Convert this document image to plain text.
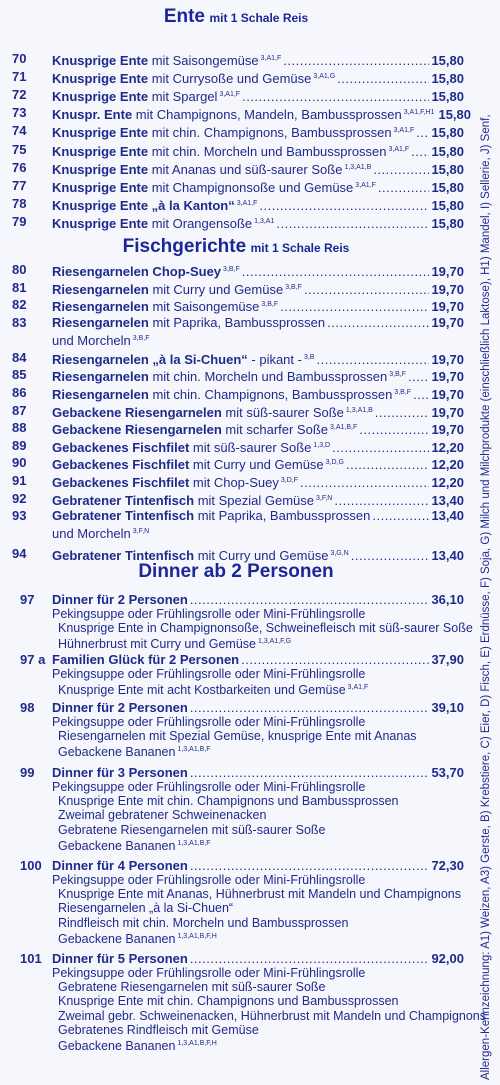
Ente mit 1 Schale Reis
70 Knusprige Ente mit Saisongemüse $^{3,A1,F}$ .....	15,80
71 Knusprige Ente mit Currysoße und Gemüse $^{3,A1,G}$ .....	15,80
72 Knusprige Ente mit Spargel $^{3,A1,F}$ .....	15,80
73 Knuspr. Ente mit Champignons, Mandeln, Bambussprossen $^{3,A1,F,H1}$ 15,80
74 Knusprige Ente mit chin. Champignons, Bambussprossen $^{3,A1,F}$ ..... 15,80
75 Knusprige Ente mit chin. Morcheln und Bambussprossen $^{3,A1,F}$ ..... 15,80
76 Knusprige Ente mit Ananas und süß-saurer Soße $^{1,3,A1,B}$ .....	15,80
77 Knusprige Ente mit Champignonsoße und Gemüse $^{3,A1,F}$ .....	15,80
78 Knusprige Ente „à la Kanton“ $^{3,A1,F}$ .....	15,80
79 Knusprige Ente mit Orangensoße $^{1,3,A1}$ .....	15,80
Fischgerichte mit 1 Schale Reis
80 Riesengarnelen Chop-Suey $^{3,B,F}$ .....	19,70
81 Riesengarnelen mit Curry und Gemüse $^{3,B,F}$ .....	19,70
82 Riesengarnelen mit Saisongemüse $^{3,B,F}$ .....	19,70
83 Riesengarnelen mit Paprika, Bambussprossen .....	19,70
und Morcheln $^{3,B,F}$
84 Riesengarnelen „à la Si-Chuen“ - pikant - $^{3,B}$ .....	19,70
85 Riesengarnelen mit chin. Morcheln und Bambussprossen $^{3,B,F}$ ..... 19,70
86 Riesengarnelen mit chin. Champignons, Bambussprossen $^{3,B,F}$ ..... 19,70
87 Gebackene Riesengarnelen mit süß-saurer Soße $^{1,3,A1,B}$ .....	19,70
88 Gebackene Riesengarnelen mit scharfer Soße $^{3,A1,B,F}$ .....	19,70
89 Gebackenes Fischfilet mit süß-saurer Soße $^{1,3,D}$ .....	12,20
90 Gebackenes Fischfilet mit Curry und Gemüse $^{3,D,G}$ .....	12,20
91 Gebackenes Fischfilet mit Chop-Suey $^{3,D,F}$ .....	12,20
92 Gebratener Tintenfisch mit Spezial Gemüse $^{3,F,N}$ .....	13,40
93 Gebratener Tintenfisch mit Paprika, Bambussprossen .....	13,40
und Morcheln $^{3,F,N}$
94 Gebratener Tintenfisch mit Curry und Gemüse $^{3,G,N}$ .....	13,40
Dinner ab 2 Personen
97 Dinner für 2 Personen .....	36,10
Pekingsuppe oder Frühlingsrolle oder Mini-Frühlingsrolle
Knusprige Ente in Champignonsoße, Schweinefleisch mit süß-saurer Soße
Hühnerbrust mit Curry und Gemüse $^{1,3,A1,F,G}$
97 a Familien Glück für 2 Personen .....	37,90
Pekingsuppe oder Frühlingsrolle oder Mini-Frühlingsrolle
Knusprige Ente mit acht Kostbarkeiten und Gemüse $^{3,A1,F}$
98 Dinner für 2 Personen .....	39,10
Pekingsuppe oder Frühlingsrolle oder Mini-Frühlingsrolle
Riesengarnelen mit Spezial Gemüse, knusprige Ente mit Ananas
Gebackene Bananen $^{1,3,A1,B,F}$
99 Dinner für 3 Personen .....	53,70
Pekingsuppe oder Frühlingsrolle oder Mini-Frühlingsrolle
Knusprige Ente mit chin. Champignons und Bambussprossen
Zweimal gebratener Schweinenacken
Gebratene Riesengarnelen mit süß-saurer Soße
Gebackene Bananen $^{1,3,A1,B,F}$
100 Dinner für 4 Personen .....	72,30
Pekingsuppe oder Frühlingsrolle oder Mini-Frühlingsrolle
Knusprige Ente mit Ananas, Hühnerbrust mit Mandeln und Champignons
Riesengarnelen „à la Si-Chuen“
Rindfleisch mit chin. Morcheln und Bambussprossen
Gebackene Bananen $^{1,3,A1,B,F,H}$
101 Dinner für 5 Personen .....	92,00
Pekingsuppe oder Frühlingsrolle oder Mini-Frühlingsrolle
Gebratene Riesengarnelen mit süß-saurer Soße
Knusprige Ente mit chin. Champignons und Bambussprossen
Zweimal gebr. Schweinenacken, Hühnerbrust mit Mandeln und Champignons
Gebratenes Rindfleisch mit Gemüse
Gebackene Bananen $^{1,3,A1,B,F,H}$	Allergen-Kennzeichnung: A1) Weizen, A3) Gerste, B) Krebstiere, C) Eier, D) Fisch, E) Erdnüsse, F) Soja, G) Milch und Milchprodukte (einschließlich Laktose), H1) Mandel, I) Sellerie, J) Senf,
